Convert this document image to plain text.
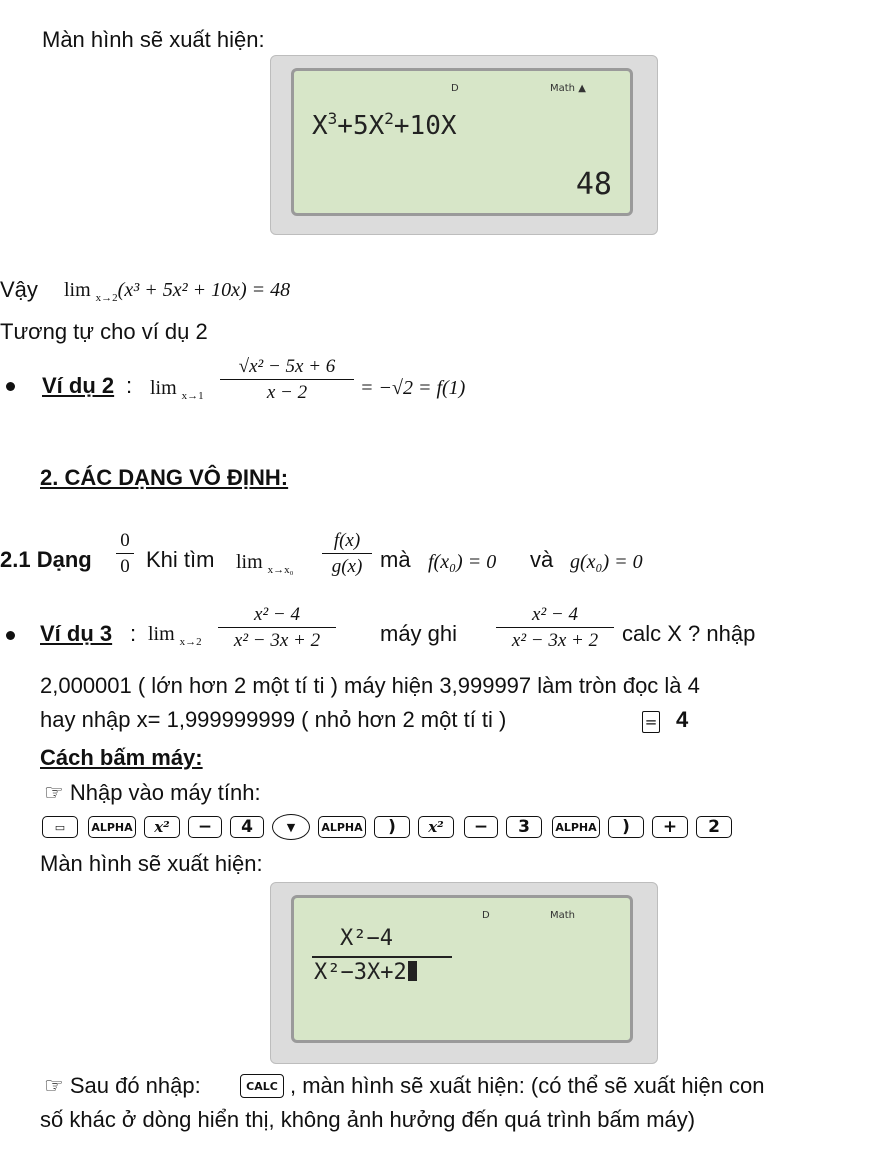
Màn hình sẽ xuất hiện:
D	Math ▲
$X^3+5X^2+10X$
48
Vậy lim $_{x\to 2}$(x³ + 5x² + 10x) = 48
Tương tự cho ví dụ 2
Ví dụ 2 : $\lim _{x\to 1} \frac{\text{√x² − 5x + 6}}{x - 2} = -√2 = f(1)$
2. CÁC DẠNG VÔ ĐỊNH:
2.1 Dạng $\frac{0}{0}$ Khi tìm $\lim _{x\to x_0} \frac{f(x)}{g(x)}$ mà f(x₀) = 0 và g(x₀) = 0
Ví dụ 3 : $\lim _{x\to 2} \frac{\text{x² − 4}}{\text{x² − 3x + 2}}$ máy ghi $\frac{\text{x² − 4}}{\text{x² − 3x + 2}}$ calc X ? nhập
2,000001 ( lớn hơn 2 một tí ti ) máy hiện 3,999997 làm tròn đọc là 4
hay nhập x= 1,999999999 ( nhỏ hơn 2 một tí ti )	= 4
Cách bấm máy:
☞ Nhập vào máy tính:
▭	ALPHA	x²	−	4	▼	ALPHA	)	x²	−	3	ALPHA	)	+	2
Màn hình sẽ xuất hiện:
D	Math
X²−4
X²−3X+2
☞ Sau đó nhập:	CALC , màn hình sẽ xuất hiện: (có thể sẽ xuất hiện con
số khác ở dòng hiển thị, không ảnh hưởng đến quá trình bấm máy)
